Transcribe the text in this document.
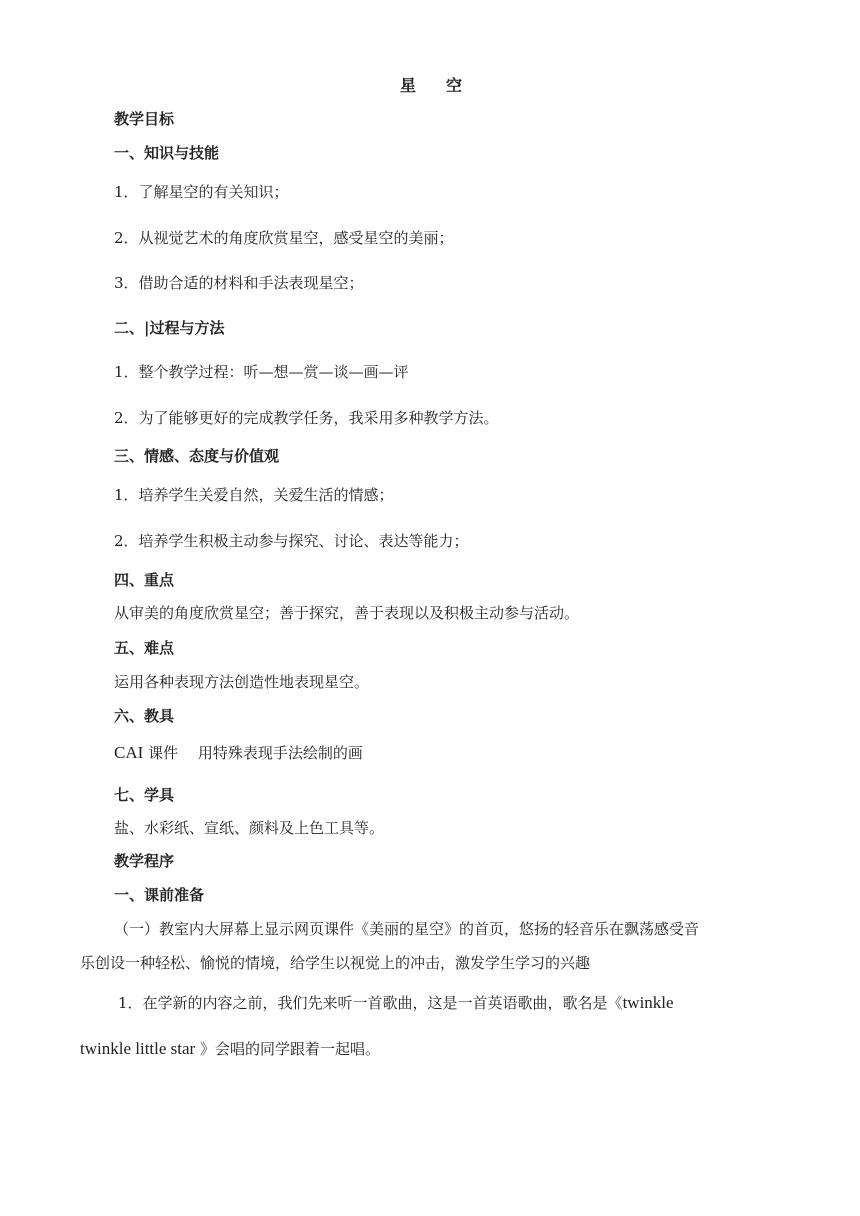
星空
教学目标
一、知识与技能
1．了解星空的有关知识；
2．从视觉艺术的角度欣赏星空，感受星空的美丽；
3．借助合适的材料和手法表现星空；
二、|过程与方法
1．整个教学过程：听—想—赏—谈—画—评
2．为了能够更好的完成教学任务，我采用多种教学方法。
三、情感、态度与价值观
1．培养学生关爱自然，关爱生活的情感；
2．培养学生积极主动参与探究、讨论、表达等能力；
四、重点
从审美的角度欣赏星空；善于探究，善于表现以及积极主动参与活动。
五、难点
运用各种表现方法创造性地表现星空。
六、教具
CAI 课件　 用特殊表现手法绘制的画
七、学具
盐、水彩纸、宣纸、颜料及上色工具等。
教学程序
一、课前准备
（一）教室内大屏幕上显示网页课件《美丽的星空》的首页，悠扬的轻音乐在飘荡感受音
乐创设一种轻松、愉悦的情境，给学生以视觉上的冲击，激发学生学习的兴趣
1．在学新的内容之前，我们先来听一首歌曲，这是一首英语歌曲，歌名是《twinkle
twinkle little star 》会唱的同学跟着一起唱。
